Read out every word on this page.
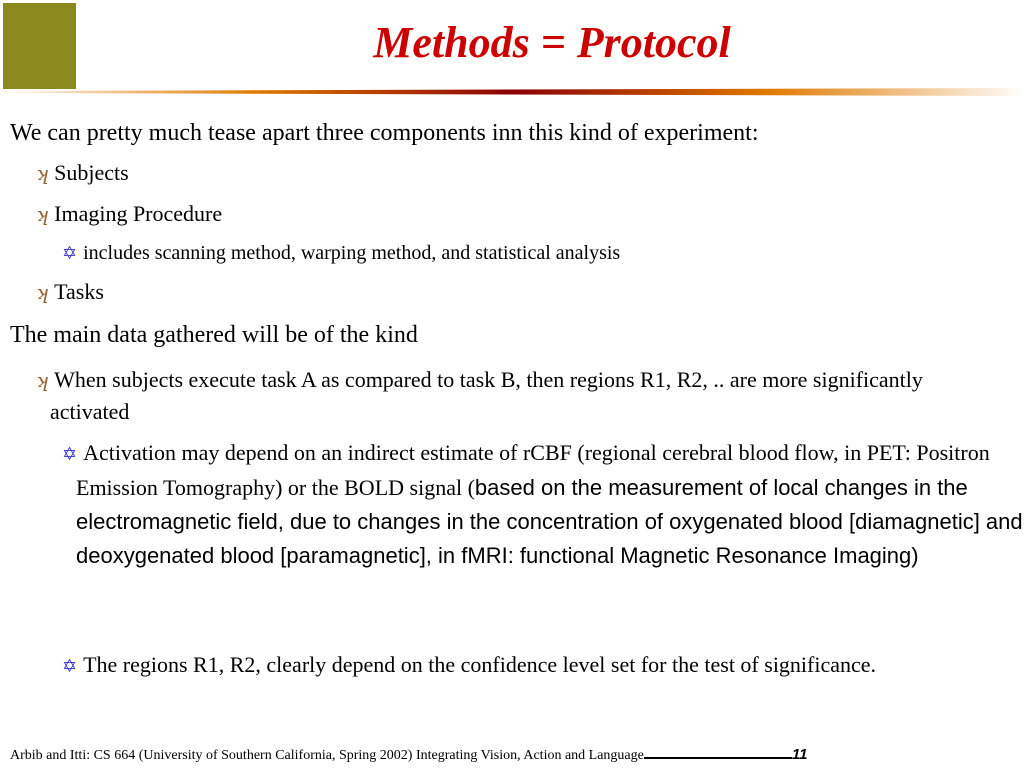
Methods = Protocol
We can pretty much tease apart three components inn this kind of experiment:
ʞ Subjects
ʞ Imaging Procedure
✡ includes scanning method, warping method, and statistical analysis
ʞ Tasks
The main data gathered will be of the kind
ʞ When subjects execute task A as compared to task B, then regions R1, R2, .. are more significantly activated
✡ Activation may depend on an indirect estimate of rCBF (regional cerebral blood flow, in PET: Positron Emission Tomography) or the BOLD signal (based on the measurement of local changes in the electromagnetic field, due to changes in the concentration of oxygenated blood [diamagnetic] and deoxygenated blood [paramagnetic], in fMRI: functional Magnetic Resonance Imaging)
✡ The regions R1, R2, clearly depend on the confidence level set for the test of significance.
Arbib and Itti: CS 664 (University of Southern California, Spring 2002) Integrating Vision, Action and Language	11
